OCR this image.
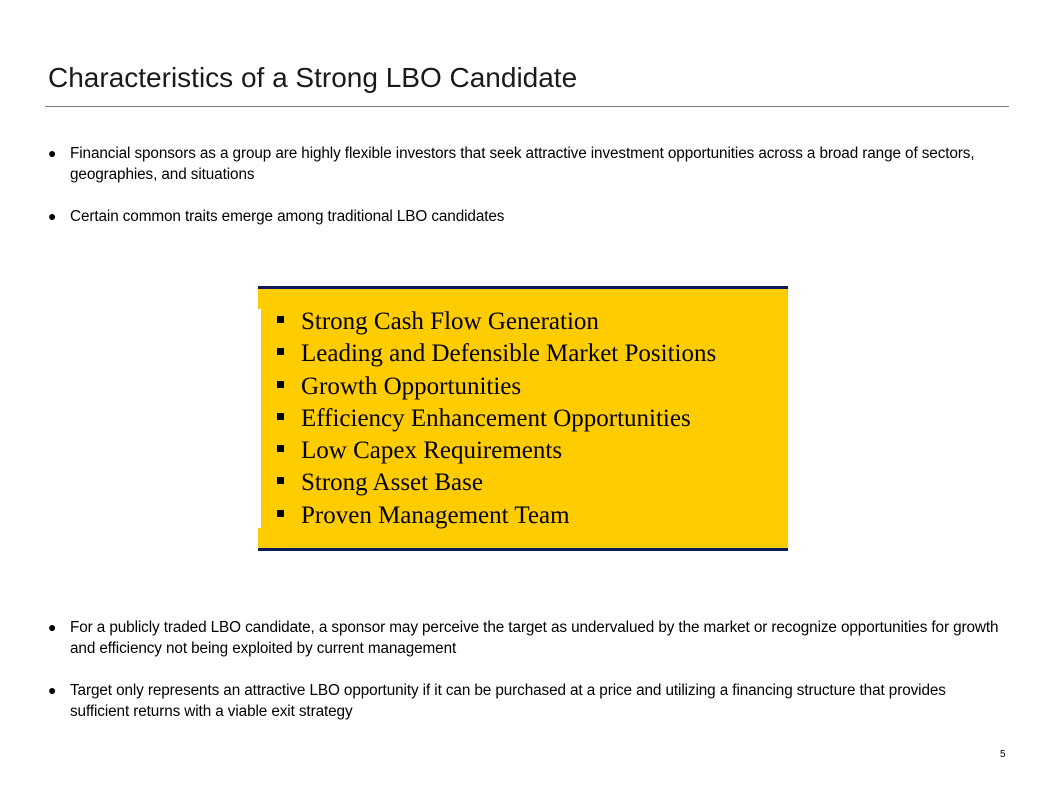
Characteristics of a Strong LBO Candidate
● Financial sponsors as a group are highly flexible investors that seek attractive investment opportunities across a broad range of sectors, geographies, and situations
● Certain common traits emerge among traditional LBO candidates
Strong Cash Flow Generation
Leading and Defensible Market Positions
Growth Opportunities
Efficiency Enhancement Opportunities
Low Capex Requirements
Strong Asset Base
Proven Management Team
● For a publicly traded LBO candidate, a sponsor may perceive the target as undervalued by the market or recognize opportunities for growth and efficiency not being exploited by current management
● Target only represents an attractive LBO opportunity if it can be purchased at a price and utilizing a financing structure that provides sufficient returns with a viable exit strategy
5
